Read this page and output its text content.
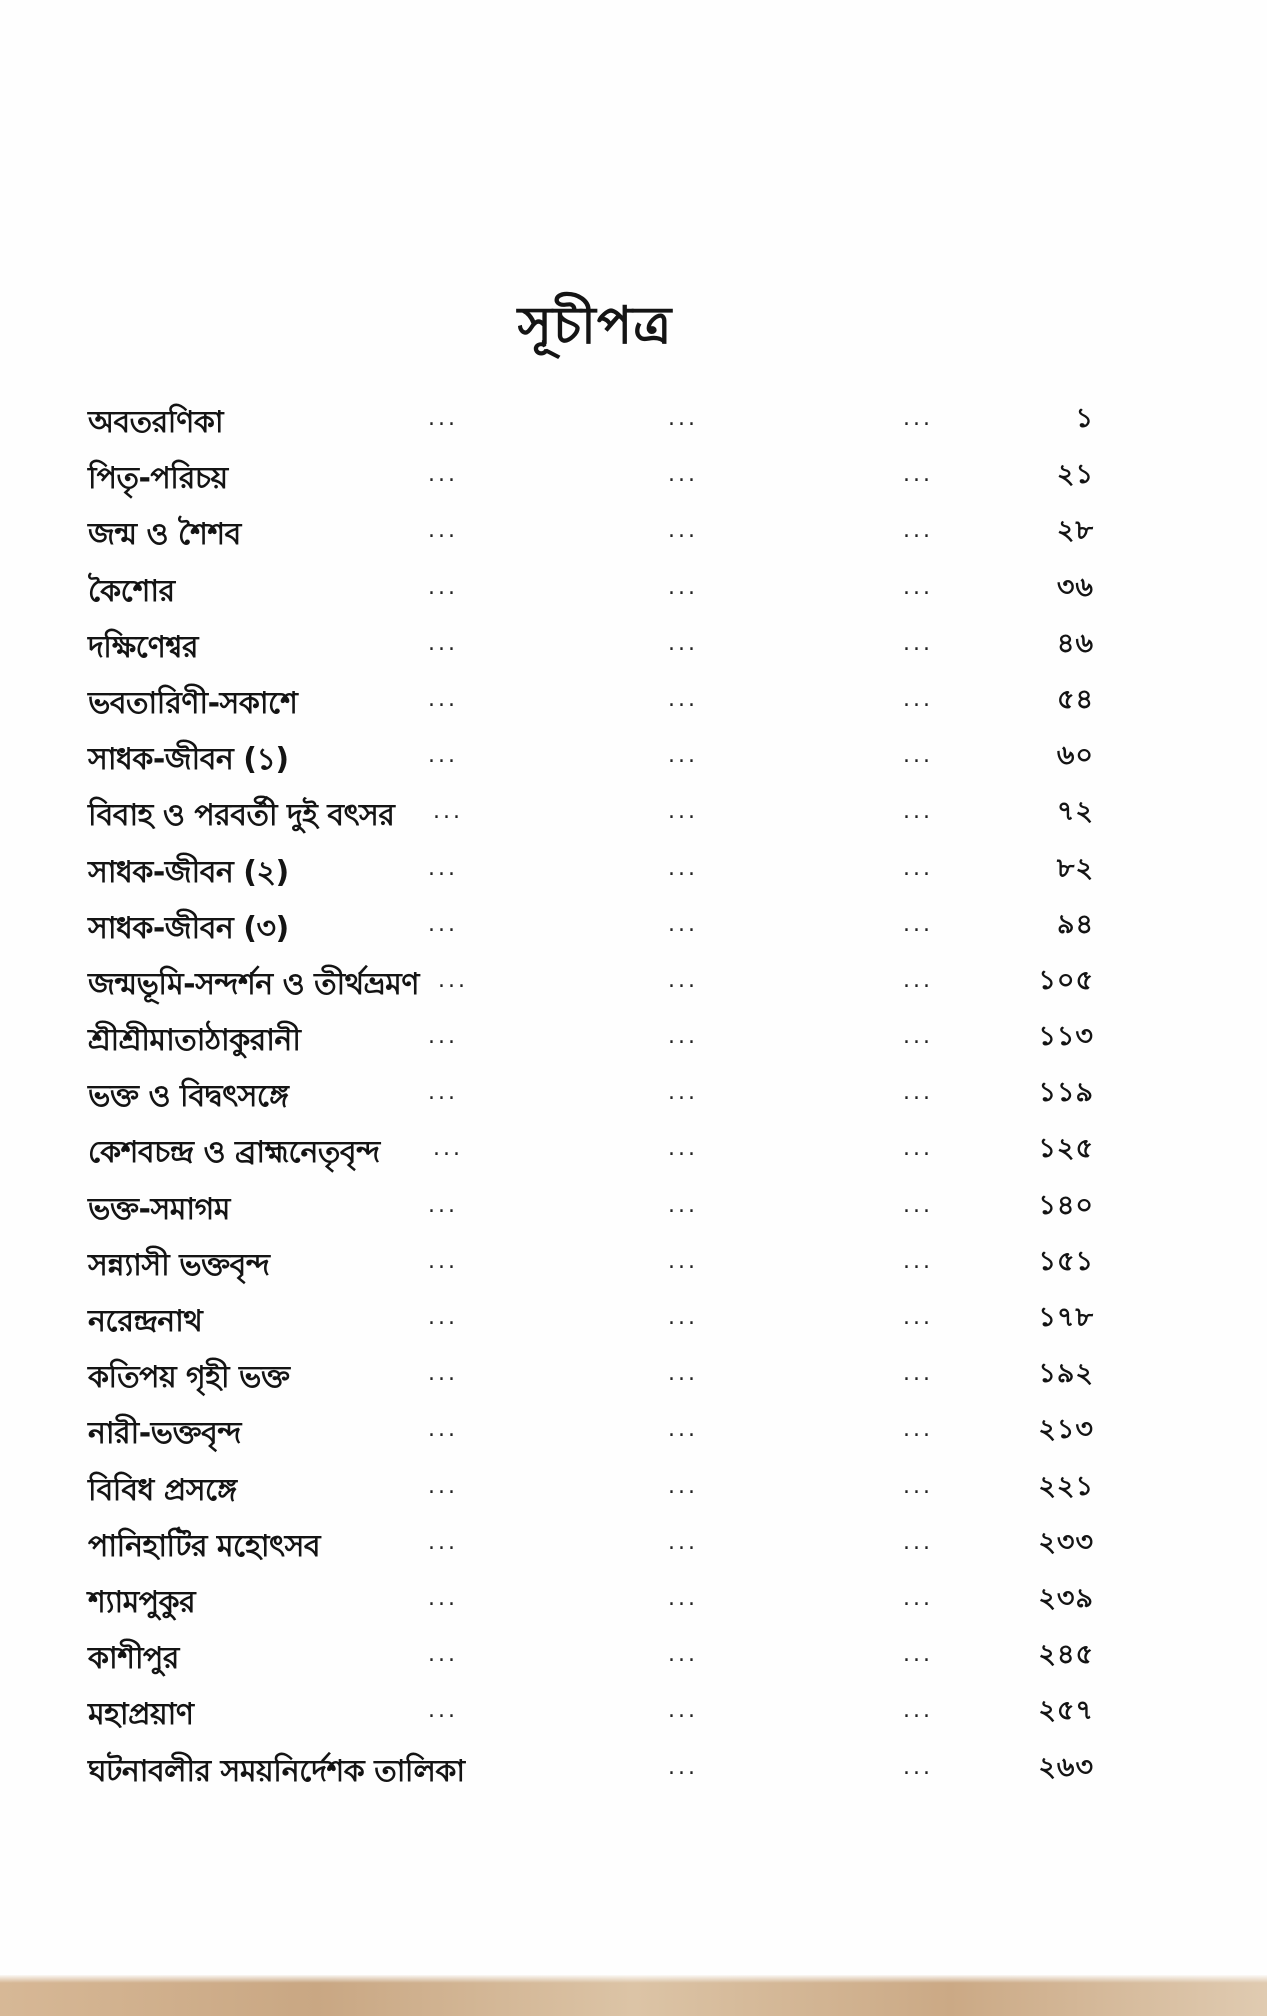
সূচীপত্র
অবতরণিকা	...	...	...	১
পিতৃ-পরিচয়	...	...	...	২১
জন্ম ও শৈশব	...	...	...	২৮
কৈশোর	...	...	...	৩৬
দক্ষিণেশ্বর	...	...	...	৪৬
ভবতারিণী-সকাশে	...	...	...	৫৪
সাধক-জীবন (১)	...	...	...	৬০
বিবাহ ও পরবর্তী দুই বৎসর ...	...	...	৭২
সাধক-জীবন (২)	...	...	...	৮২
সাধক-জীবন (৩)	...	...	...	৯৪
জন্মভূমি-সন্দর্শন ও তীর্থভ্রমণ ...	...	...	১০৫
শ্রীশ্রীমাতাঠাকুরানী	...	...	...	১১৩
ভক্ত ও বিদ্বৎসঙ্গে	...	...	...	১১৯
কেশবচন্দ্র ও ব্রাহ্মনেতৃবৃন্দ ...	...	...	১২৫
ভক্ত-সমাগম	...	...	...	১৪০
সন্ন্যাসী ভক্তবৃন্দ	...	...	...	১৫১
নরেন্দ্রনাথ	...	...	...	১৭৮
কতিপয় গৃহী ভক্ত	...	...	...	১৯২
নারী-ভক্তবৃন্দ	...	...	...	২১৩
বিবিধ প্রসঙ্গে	...	...	...	২২১
পানিহাটির মহোৎসব	...	...	...	২৩৩
শ্যামপুকুর	...	...	...	২৩৯
কাশীপুর	...	...	...	২৪৫
মহাপ্রয়াণ	...	...	...	২৫৭
ঘটনাবলীর সময়নির্দেশক তালিকা	...	...	২৬৩
